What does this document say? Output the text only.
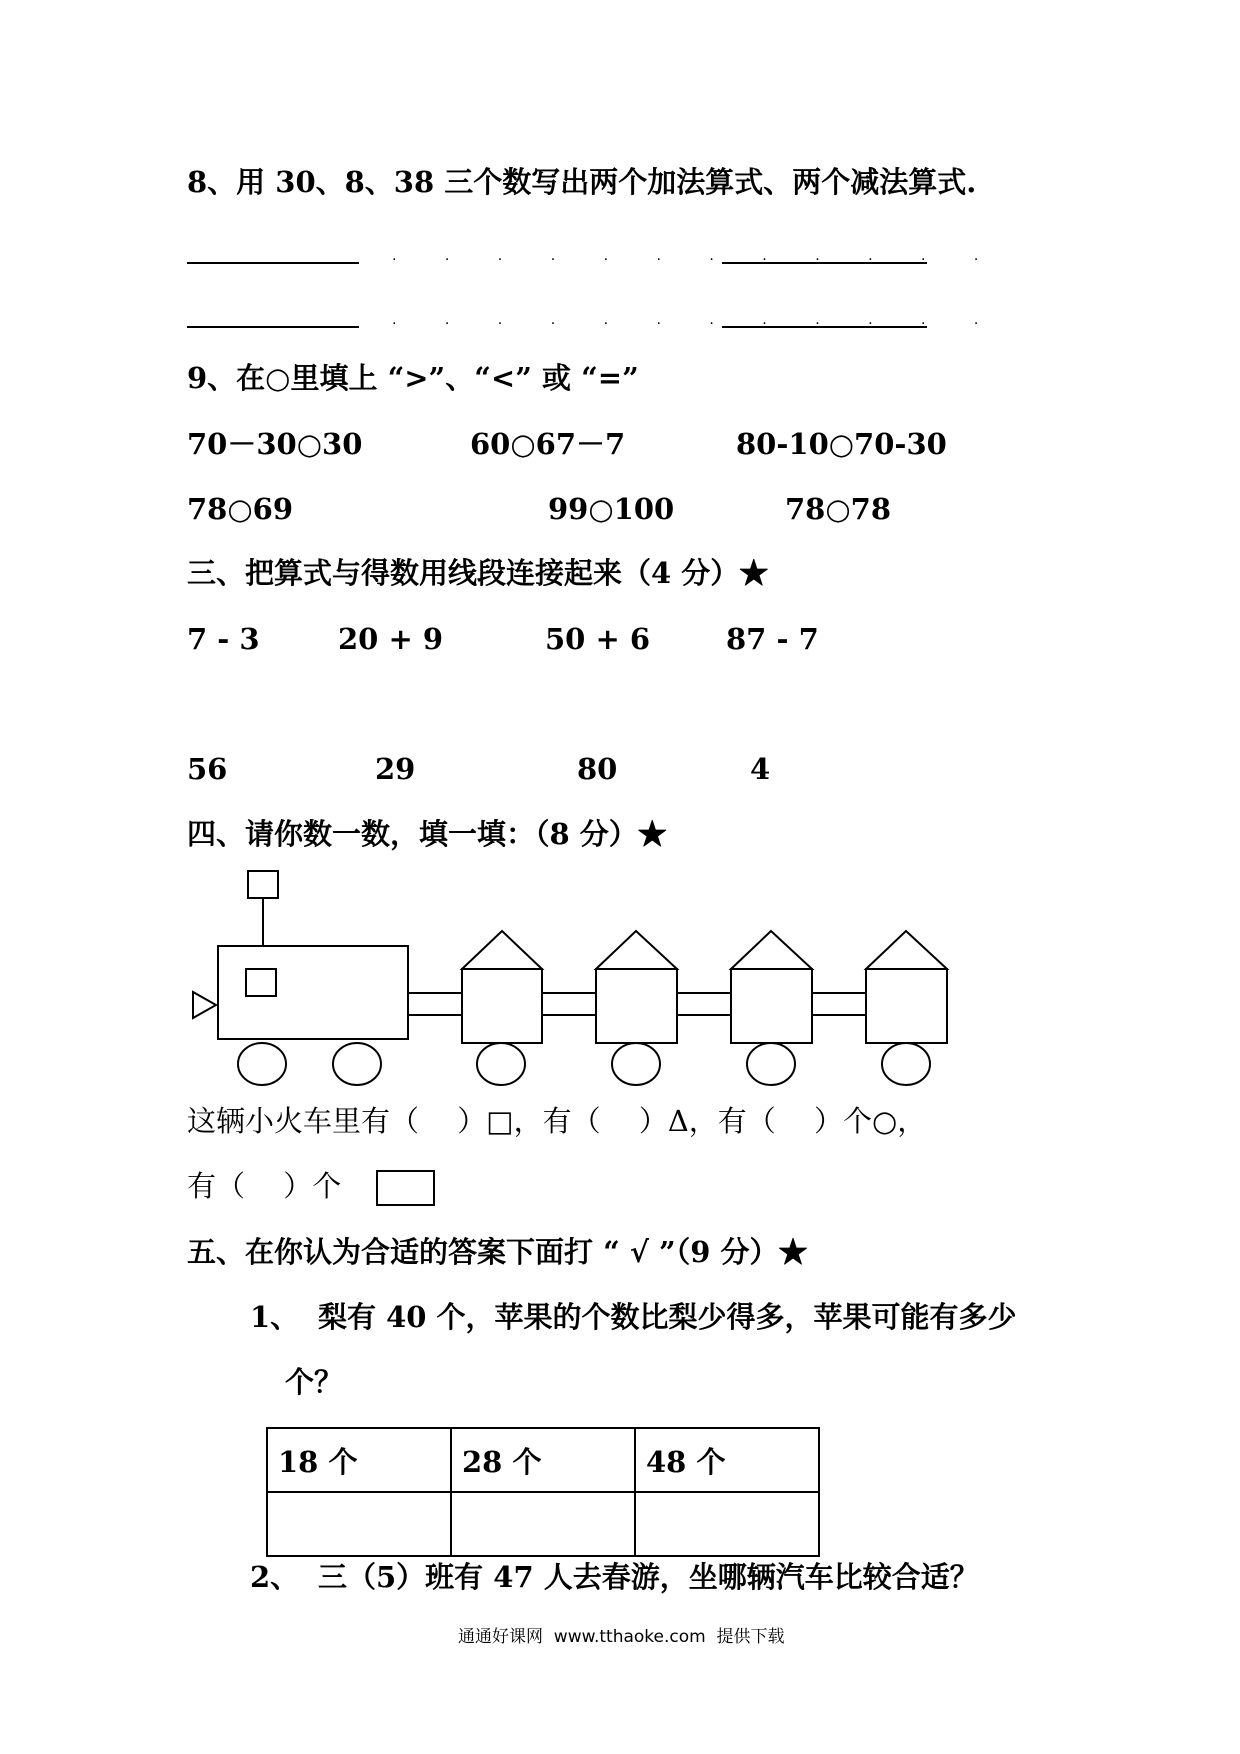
8、用 30、8、38 三个数写出两个加法算式、两个减法算式.
. . . . . . . . . . . .
. . . . . . . . . . . .
9、在○里填上 “>”、“<” 或 “=”
70－30○30	60○67－7	80-10○70-30
78○69	99○100	78○78
三、把算式与得数用线段连接起来（4 分）★
7 - 3	20 + 9	50 + 6	87 - 7
56	29	80	4
四、请你数一数，填一填：（8 分）★
这辆小火车里有（　 ）□，有（　 ）Δ，有（　 ）个○，
有（　 ）个
五、在你认为合适的答案下面打 “ √ ”（9 分）★
1、 梨有 40 个，苹果的个数比梨少得多，苹果可能有多少
个？
18 个	28 个	48 个

2、 三（5）班有 47 人去春游，坐哪辆汽车比较合适？
通通好课网  www.tthaoke.com  提供下载
